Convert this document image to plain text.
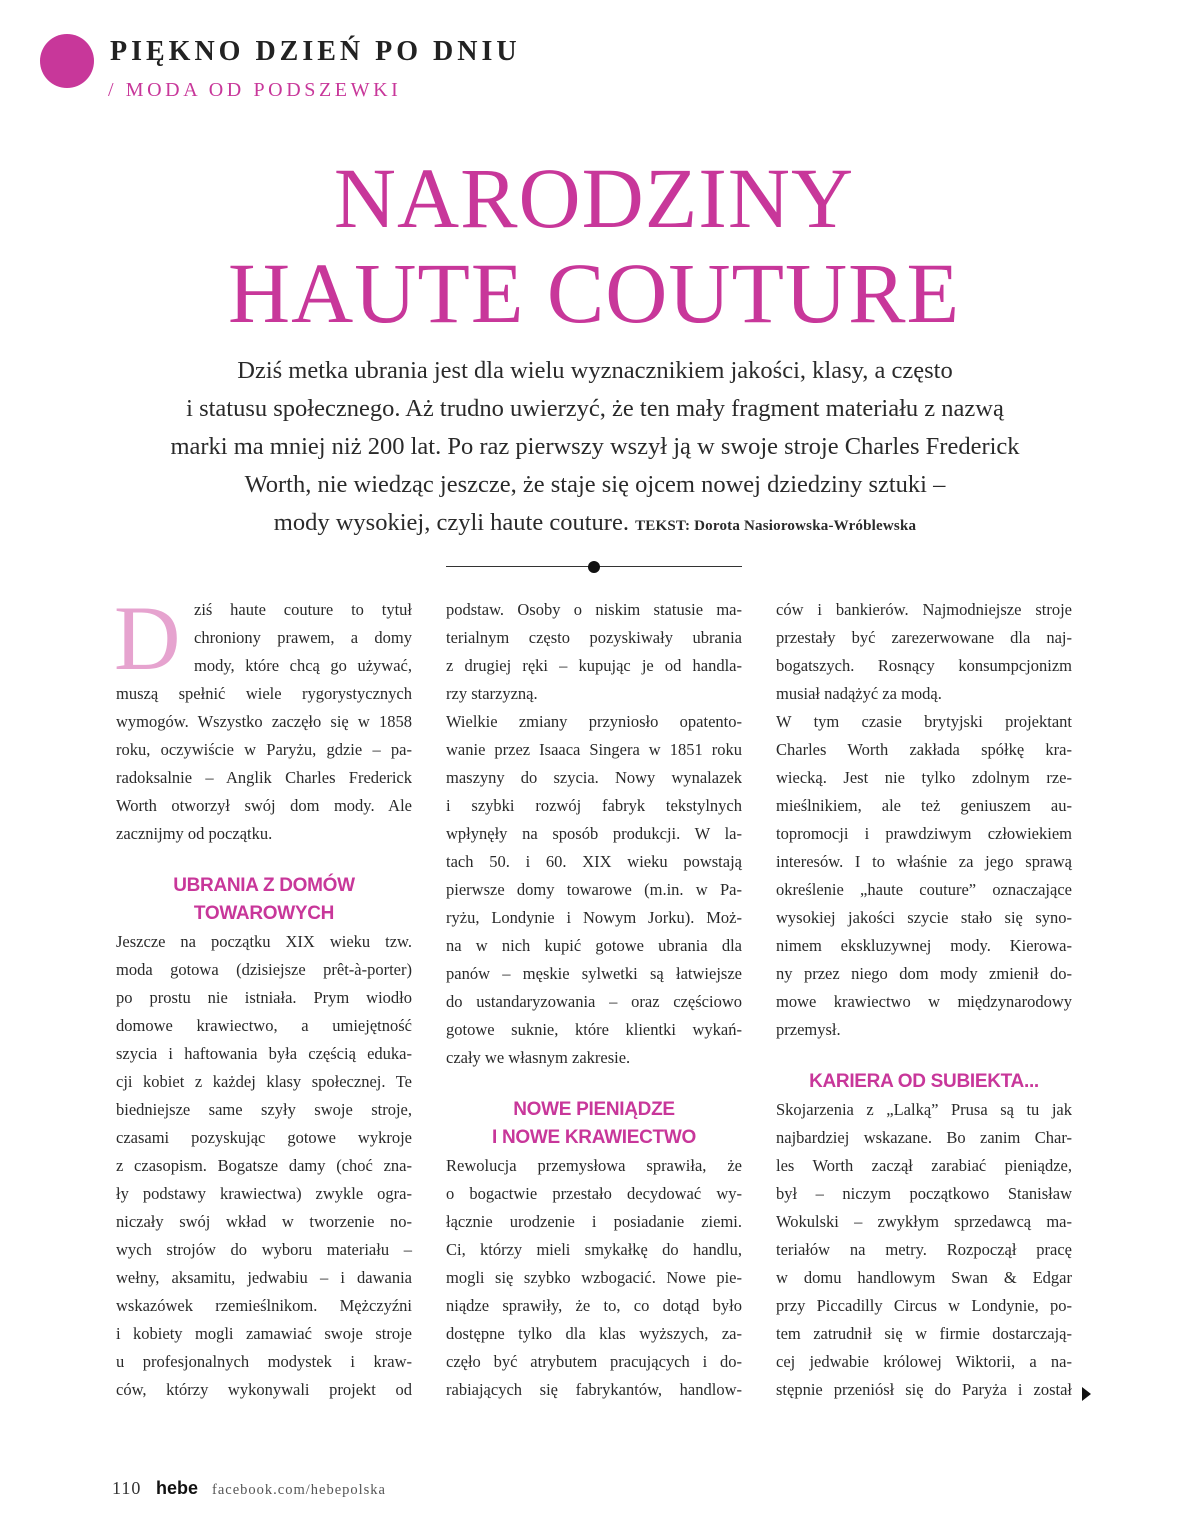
PIĘKNO DZIEŃ PO DNIU
/ MODA OD PODSZEWKI
NARODZINY
HAUTE COUTURE
Dziś metka ubrania jest dla wielu wyznacznikiem jakości, klasy, a często
i statusu społecznego. Aż trudno uwierzyć, że ten mały fragment materiału z nazwą
marki ma mniej niż 200 lat. Po raz pierwszy wszył ją w swoje stroje Charles Frederick
Worth, nie wiedząc jeszcze, że staje się ojcem nowej dziedziny sztuki –
mody wysokiej, czyli haute couture. TEKST: Dorota Nasiorowska-Wróblewska
D ziś haute couture to tytuł
chroniony prawem, a domy
mody, które chcą go używać,
muszą spełnić wiele rygorystycznych
wymogów. Wszystko zaczęło się w 1858
roku, oczywiście w Paryżu, gdzie – pa-
radoksalnie – Anglik Charles Frederick
Worth otworzył swój dom mody. Ale
zacznijmy od początku.
UBRANIA Z DOMÓW
TOWAROWYCH
Jeszcze na początku XIX wieku tzw.
moda gotowa (dzisiejsze prêt-à-porter)
po prostu nie istniała. Prym wiodło
domowe krawiectwo, a umiejętność
szycia i haftowania była częścią eduka-
cji kobiet z każdej klasy społecznej. Te
biedniejsze same szyły swoje stroje,
czasami pozyskując gotowe wykroje
z czasopism. Bogatsze damy (choć zna-
ły podstawy krawiectwa) zwykle ogra-
niczały swój wkład w tworzenie no-
wych strojów do wyboru materiału –
wełny, aksamitu, jedwabiu – i dawania
wskazówek rzemieślnikom. Mężczyźni
i kobiety mogli zamawiać swoje stroje
u profesjonalnych modystek i kraw-
ców, którzy wykonywali projekt od
podstaw. Osoby o niskim statusie ma-
terialnym często pozyskiwały ubrania
z drugiej ręki – kupując je od handla-
rzy starzyzną.
Wielkie zmiany przyniosło opatento-
wanie przez Isaaca Singera w 1851 roku
maszyny do szycia. Nowy wynalazek
i szybki rozwój fabryk tekstylnych
wpłynęły na sposób produkcji. W la-
tach 50. i 60. XIX wieku powstają
pierwsze domy towarowe (m.in. w Pa-
ryżu, Londynie i Nowym Jorku). Moż-
na w nich kupić gotowe ubrania dla
panów – męskie sylwetki są łatwiejsze
do ustandaryzowania – oraz częściowo
gotowe suknie, które klientki wykań-
czały we własnym zakresie.
NOWE PIENIĄDZE
I NOWE KRAWIECTWO
Rewolucja przemysłowa sprawiła, że
o bogactwie przestało decydować wy-
łącznie urodzenie i posiadanie ziemi.
Ci, którzy mieli smykałkę do handlu,
mogli się szybko wzbogacić. Nowe pie-
niądze sprawiły, że to, co dotąd było
dostępne tylko dla klas wyższych, za-
częło być atrybutem pracujących i do-
rabiających się fabrykantów, handlow-
ców i bankierów. Najmodniejsze stroje
przestały być zarezerwowane dla naj-
bogatszych. Rosnący konsumpcjonizm
musiał nadążyć za modą.
W tym czasie brytyjski projektant
Charles Worth zakłada spółkę kra-
wiecką. Jest nie tylko zdolnym rze-
mieślnikiem, ale też geniuszem au-
topromocji i prawdziwym człowiekiem
interesów. I to właśnie za jego sprawą
określenie „haute couture” oznaczające
wysokiej jakości szycie stało się syno-
nimem ekskluzywnej mody. Kierowa-
ny przez niego dom mody zmienił do-
mowe krawiectwo w międzynarodowy
przemysł.
KARIERA OD SUBIEKTA...
Skojarzenia z „Lalką” Prusa są tu jak
najbardziej wskazane. Bo zanim Char-
les Worth zaczął zarabiać pieniądze,
był – niczym początkowo Stanisław
Wokulski – zwykłym sprzedawcą ma-
teriałów na metry. Rozpoczął pracę
w domu handlowym Swan & Edgar
przy Piccadilly Circus w Londynie, po-
tem zatrudnił się w firmie dostarczają-
cej jedwabie królowej Wiktorii, a na-
stępnie przeniósł się do Paryża i został
110 hebe facebook.com/hebepolska
